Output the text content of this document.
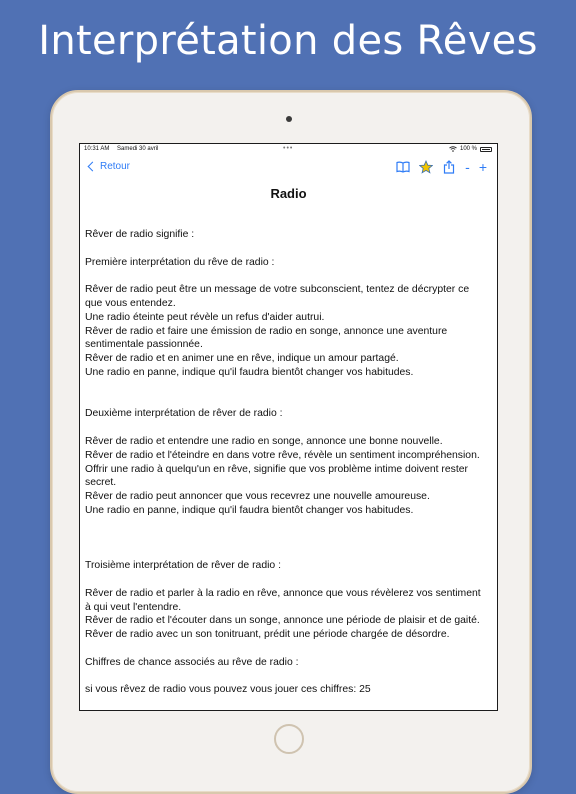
Interprétation des Rêves
10:31 AM Samedi 30 avril	•••	100 %
Retour	- +
Radio

Rêver de radio signifie :

Première interprétation du rêve de radio :

Rêver de radio peut être un message de votre subconscient, tentez de décrypter ce que vous entendez.

Une radio éteinte peut révèle un refus d'aider autrui.

Rêver de radio et faire une émission de radio en songe, annonce une aventure sentimentale passionnée.

Rêver de radio et en animer une en rêve, indique un amour partagé.

Une radio en panne, indique qu'il faudra bientôt changer vos habitudes.

Deuxième interprétation de rêver de radio :

Rêver de radio et entendre une radio en songe, annonce une bonne nouvelle.

Rêver de radio et l'éteindre en dans votre rêve, révèle un sentiment incompréhension.

Offrir une radio à quelqu'un en rêve, signifie que vos problème intime doivent rester secret.

Rêver de radio peut annoncer que vous recevrez une nouvelle amoureuse.

Une radio en panne, indique qu'il faudra bientôt changer vos habitudes.

Troisième interprétation de rêver de radio :

Rêver de radio et parler à la radio en rêve, annonce que vous révèlerez vos sentiment à qui veut l'entendre.

Rêver de radio et l'écouter dans un songe, annonce une période de plaisir et de gaité.

Rêver de radio avec un son tonitruant, prédit une période chargée de désordre.

Chiffres de chance associés au rêve de radio :

si vous rêvez de radio vous pouvez vous jouer ces chiffres: 25
